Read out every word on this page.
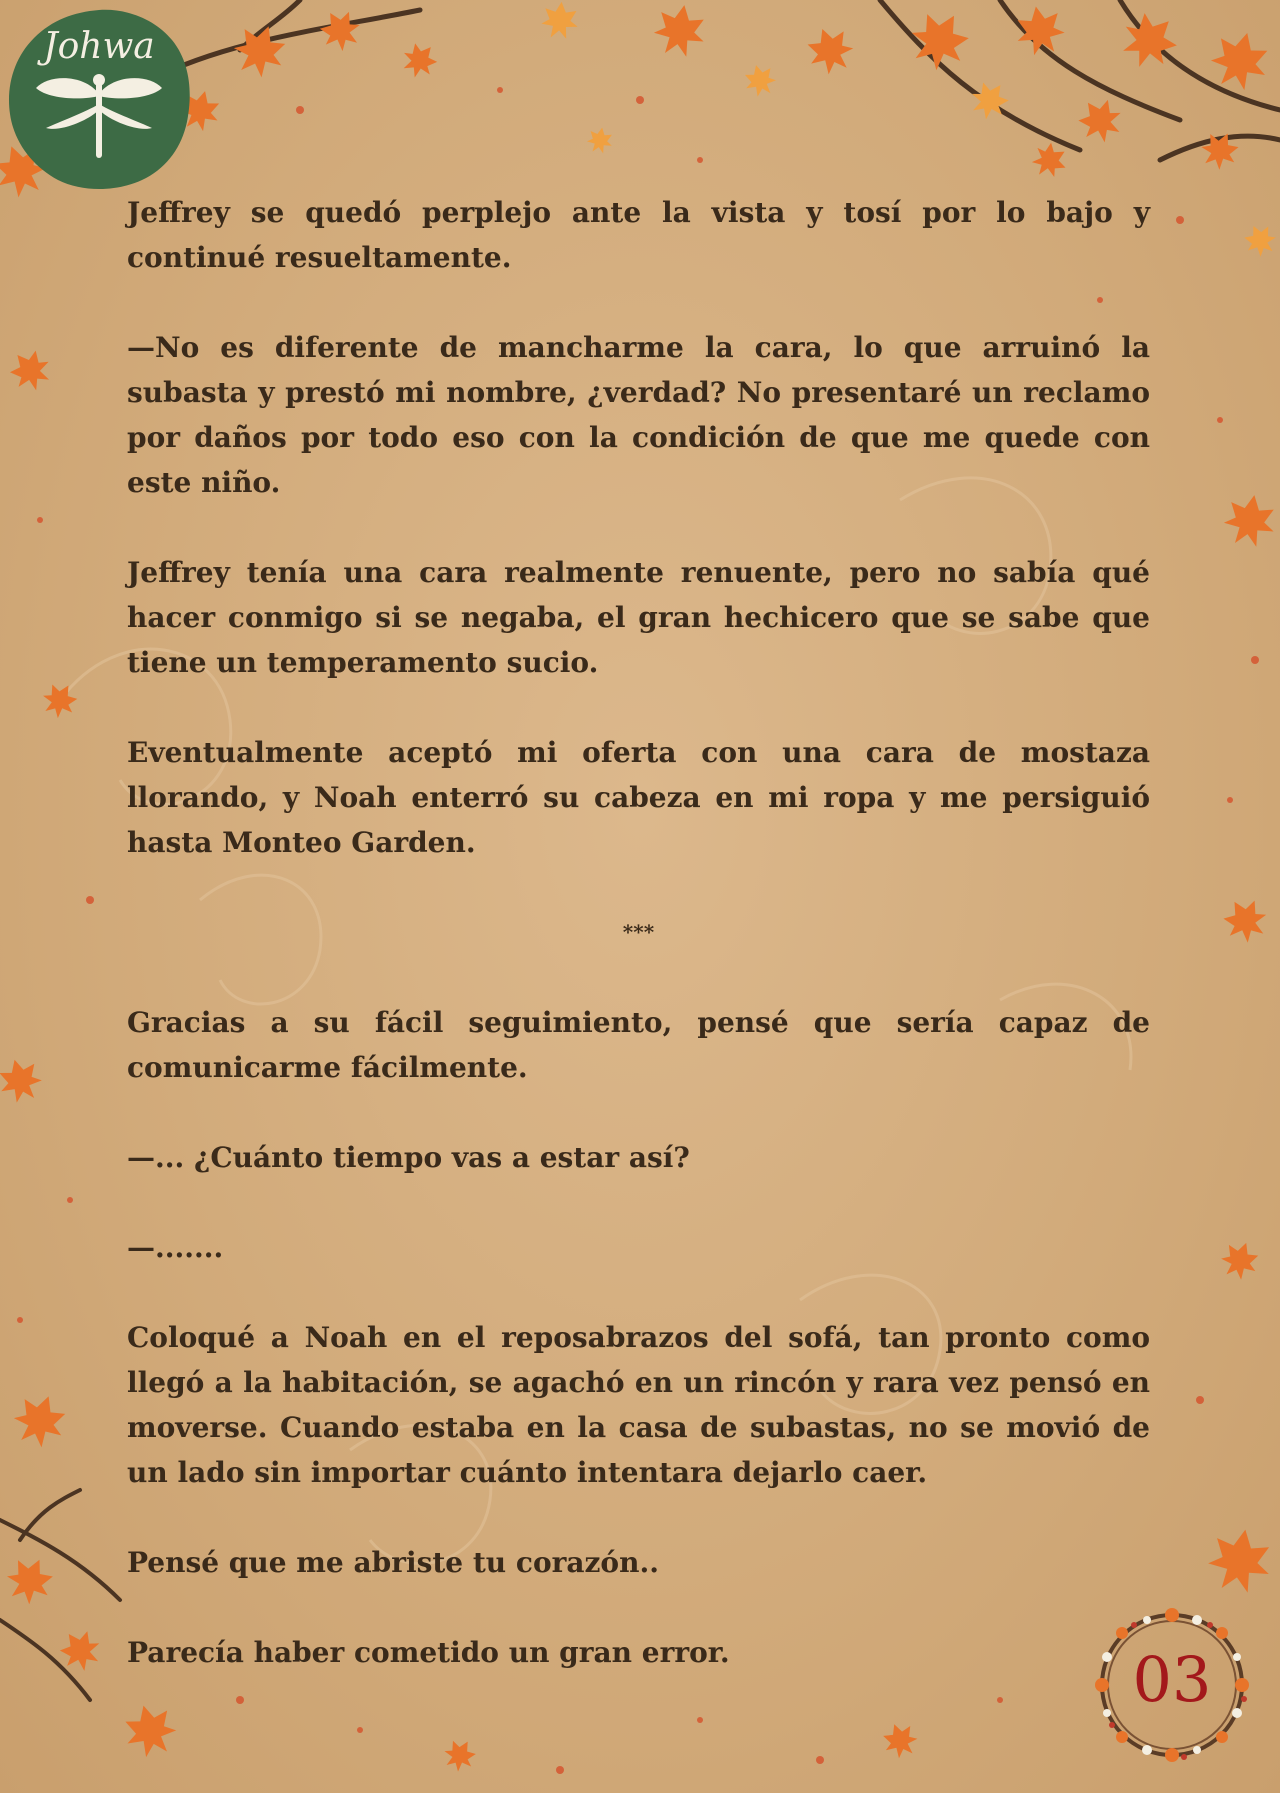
Johwa

Jeffrey se quedó perplejo ante la vista y tosí por lo bajo y continué resueltamente.

—No es diferente de mancharme la cara, lo que arruinó la subasta y prestó mi nombre, ¿verdad? No presentaré un reclamo por daños por todo eso con la condición de que me quede con este niño.

Jeffrey tenía una cara realmente renuente, pero no sabía qué hacer conmigo si se negaba, el gran hechicero que se sabe que tiene un temperamento sucio.

Eventualmente aceptó mi oferta con una cara de mostaza llorando, y Noah enterró su cabeza en mi ropa y me persiguió hasta Monteo Garden.

***

Gracias a su fácil seguimiento, pensé que sería capaz de comunicarme fácilmente.

—... ¿Cuánto tiempo vas a estar así?

—.......

Coloqué a Noah en el reposabrazos del sofá, tan pronto como llegó a la habitación, se agachó en un rincón y rara vez pensó en moverse. Cuando estaba en la casa de subastas, no se movió de un lado sin importar cuánto intentara dejarlo caer.

Pensé que me abriste tu corazón..

Parecía haber cometido un gran error.	03
